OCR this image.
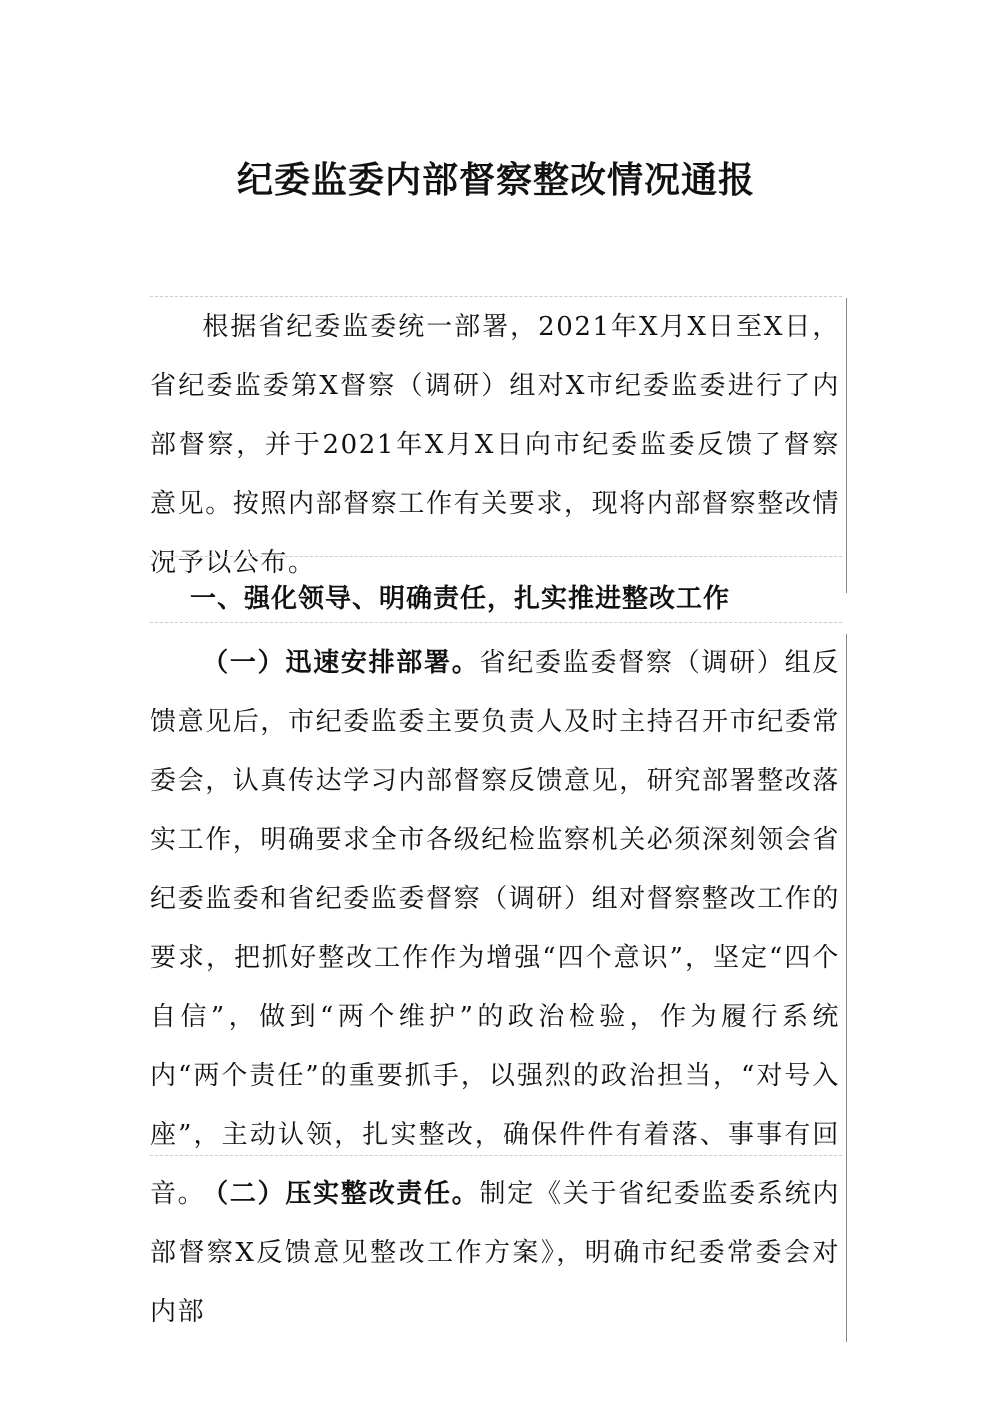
纪委监委内部督察整改情况通报

根据省纪委监委统一部署，2021年X月X日至X日，省纪委监委第X督察（调研）组对X市纪委监委进行了内部督察，并于2021年X月X日向市纪委监委反馈了督察意见。按照内部督察工作有关要求，现将内部督察整改情况予以公布。

一、强化领导、明确责任，扎实推进整改工作

（一）迅速安排部署。省纪委监委督察（调研）组反馈意见后，市纪委监委主要负责人及时主持召开市纪委常委会，认真传达学习内部督察反馈意见，研究部署整改落实工作，明确要求全市各级纪检监察机关必须深刻领会省纪委监委和省纪委监委督察（调研）组对督察整改工作的要求，把抓好整改工作作为增强“四个意识”，坚定“四个自信”，做到“两个维护”的政治检验，作为履行系统内“两个责任”的重要抓手，以强烈的政治担当，“对号入座”，主动认领，扎实整改，确保件件有着落、事事有回音。

（二）压实整改责任。制定《关于省纪委监委系统内部督察X反馈意见整改工作方案》，明确市纪委常委会对内部
